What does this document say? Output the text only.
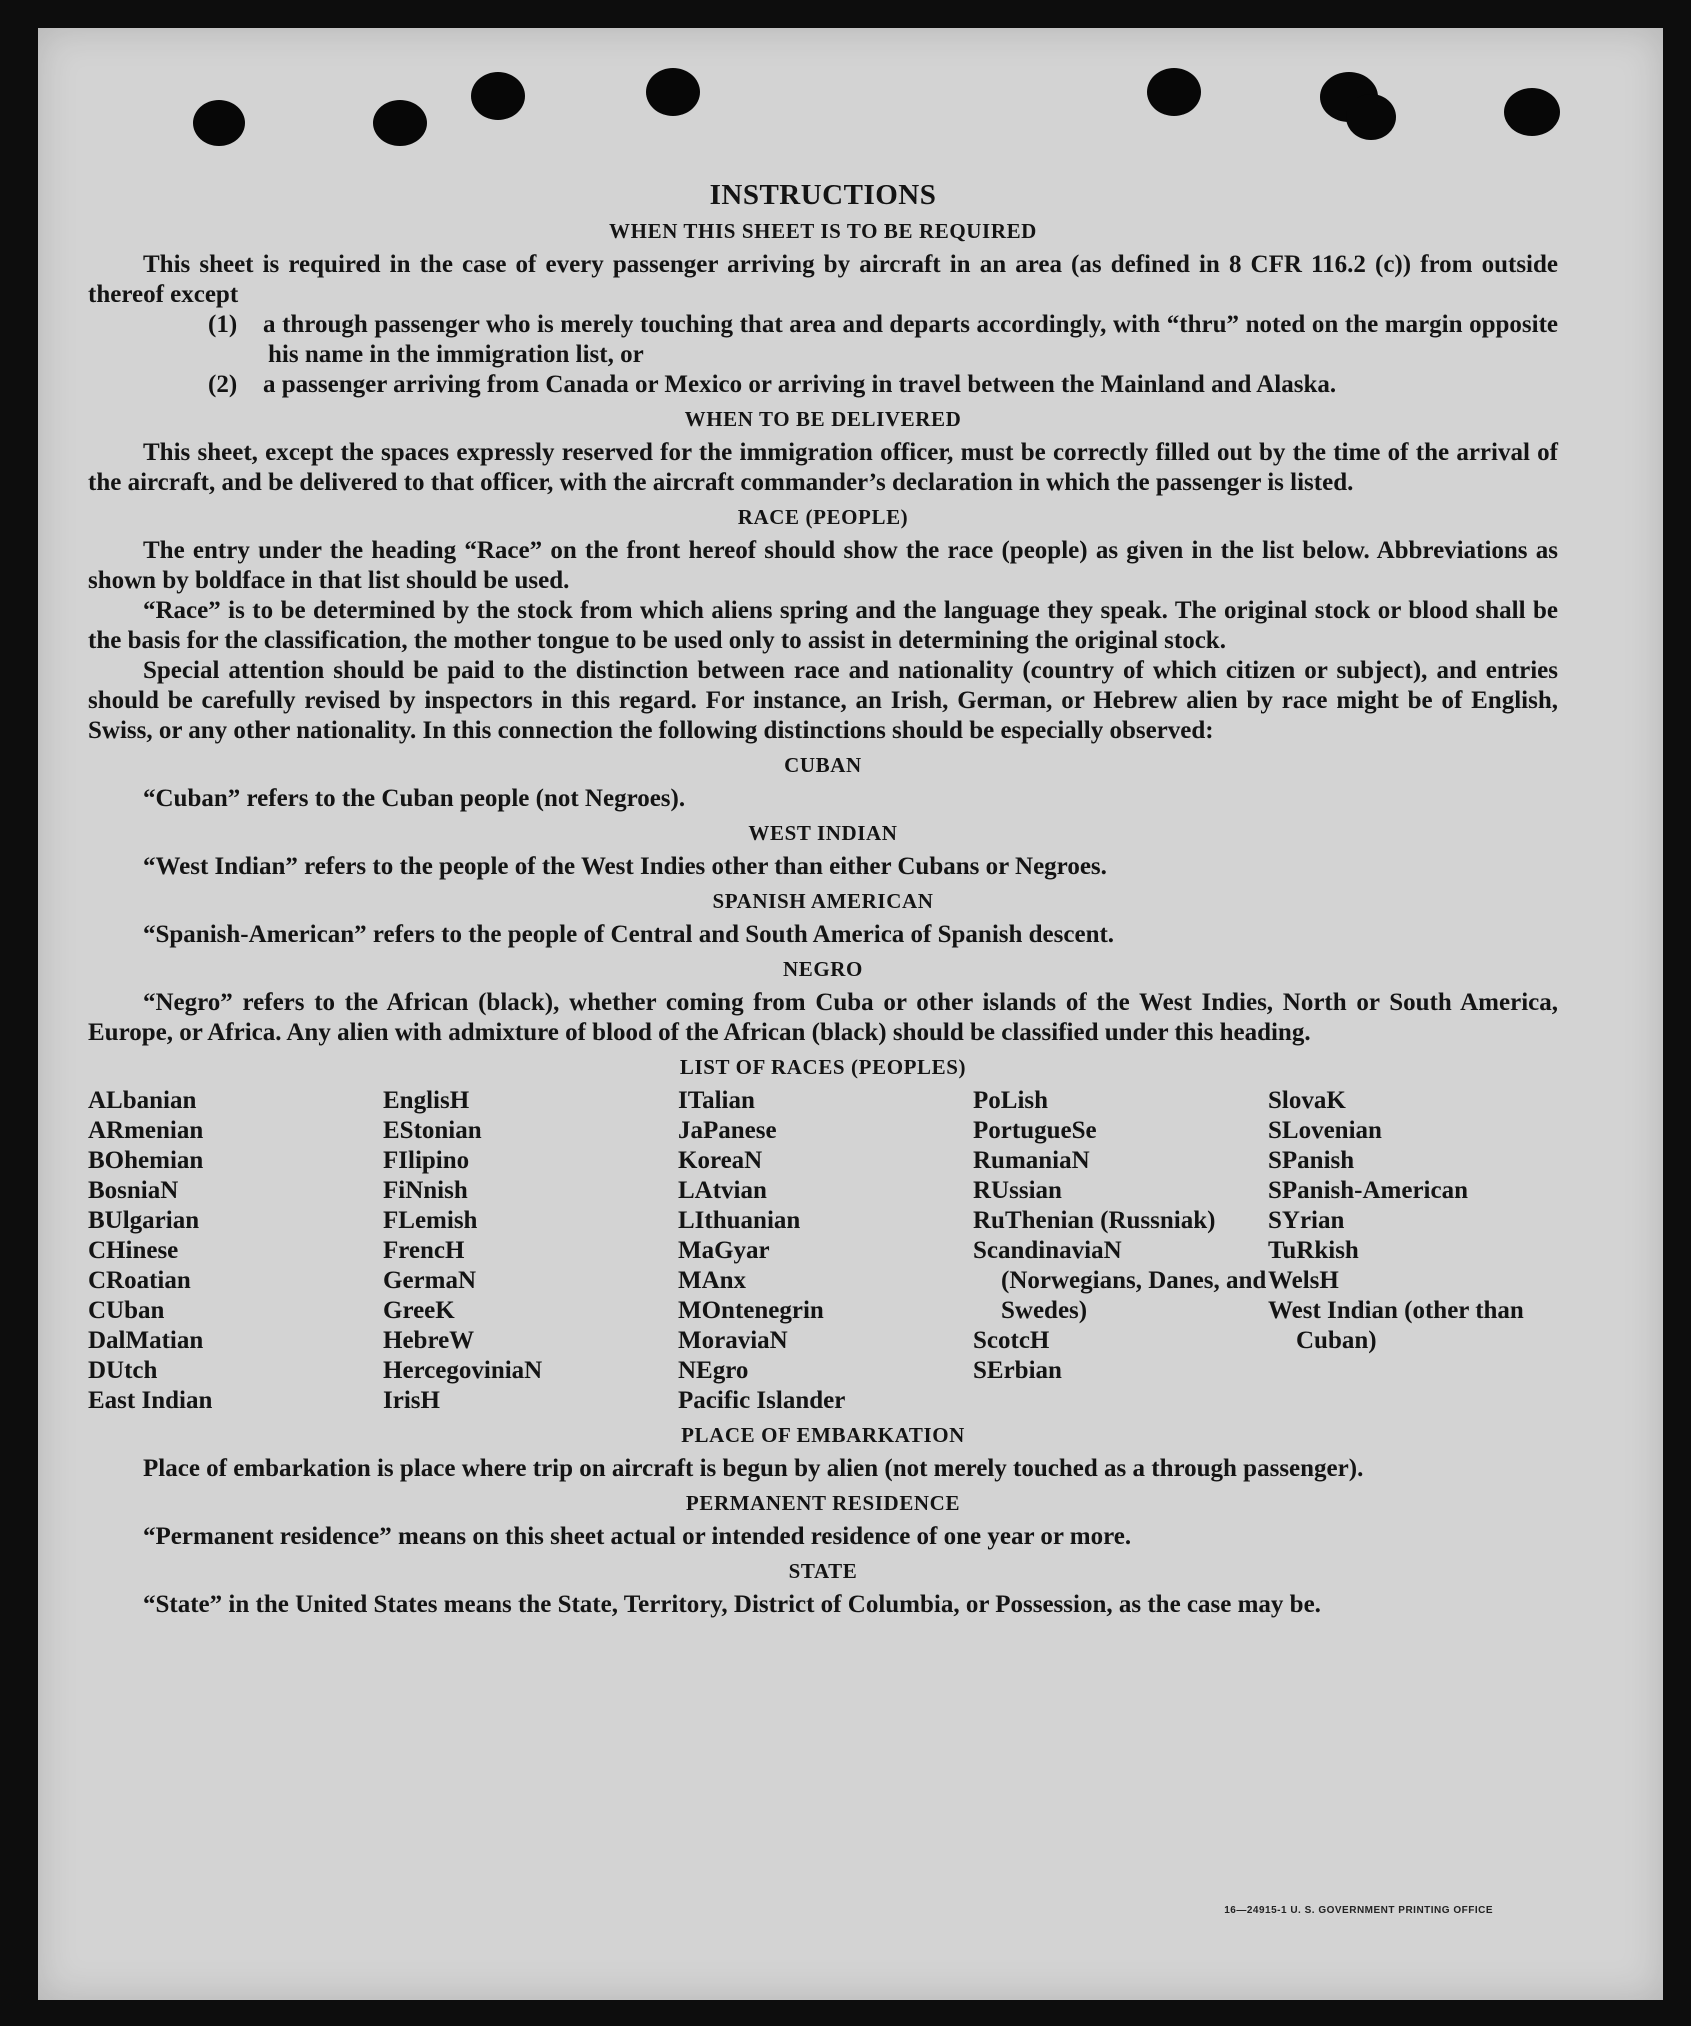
INSTRUCTIONS
WHEN THIS SHEET IS TO BE REQUIRED

This sheet is required in the case of every passenger arriving by aircraft in an area (as defined in 8 CFR 116.2 (c)) from outside thereof except

(1) a through passenger who is merely touching that area and departs accordingly, with “thru” noted on the margin opposite his name in the immigration list, or
(2) a passenger arriving from Canada or Mexico or arriving in travel between the Mainland and Alaska.
WHEN TO BE DELIVERED

This sheet, except the spaces expressly reserved for the immigration officer, must be correctly filled out by the time of the arrival of the aircraft, and be delivered to that officer, with the aircraft commander’s declaration in which the passenger is listed.

RACE (PEOPLE)

The entry under the heading “Race” on the front hereof should show the race (people) as given in the list below. Abbreviations as shown by boldface in that list should be used.

“Race” is to be determined by the stock from which aliens spring and the language they speak. The original stock or blood shall be the basis for the classification, the mother tongue to be used only to assist in determining the original stock.

Special attention should be paid to the distinction between race and nationality (country of which citizen or subject), and entries should be carefully revised by inspectors in this regard. For instance, an Irish, German, or Hebrew alien by race might be of English, Swiss, or any other nationality. In this connection the following distinctions should be especially observed:

CUBAN

“Cuban” refers to the Cuban people (not Negroes).

WEST INDIAN

“West Indian” refers to the people of the West Indies other than either Cubans or Negroes.

SPANISH AMERICAN

“Spanish-American” refers to the people of Central and South America of Spanish descent.

NEGRO

“Negro” refers to the African (black), whether coming from Cuba or other islands of the West Indies, North or South America, Europe, or Africa. Any alien with admixture of blood of the African (black) should be classified under this heading.

LIST OF RACES (PEOPLES)
ALbanian
ARmenian
BOhemian
BosniaN
BUlgarian
CHinese
CRoatian
CUban
DalMatian
DUtch
East Indian
EnglisH
EStonian
FIlipino
FiNnish
FLemish
FrencH
GermaN
GreeK
HebreW
HercegoviniaN
IrisH
ITalian
JaPanese
KoreaN
LAtvian
LIthuanian
MaGyar
MAnx
MOntenegrin
MoraviaN
NEgro
Pacific Islander
PoLish
PortugueSe
RumaniaN
RUssian
RuThenian (Russniak)
ScandinaviaN (Norwegians, Danes, and Swedes)
ScotcH
SErbian
SlovaK
SLovenian
SPanish
SPanish-American
SYrian
TuRkish
WelsH
West Indian (other than Cuban)
PLACE OF EMBARKATION

Place of embarkation is place where trip on aircraft is begun by alien (not merely touched as a through passenger).

PERMANENT RESIDENCE

“Permanent residence” means on this sheet actual or intended residence of one year or more.

STATE

“State” in the United States means the State, Territory, District of Columbia, or Possession, as the case may be.

16—24915-1 U. S. GOVERNMENT PRINTING OFFICE
